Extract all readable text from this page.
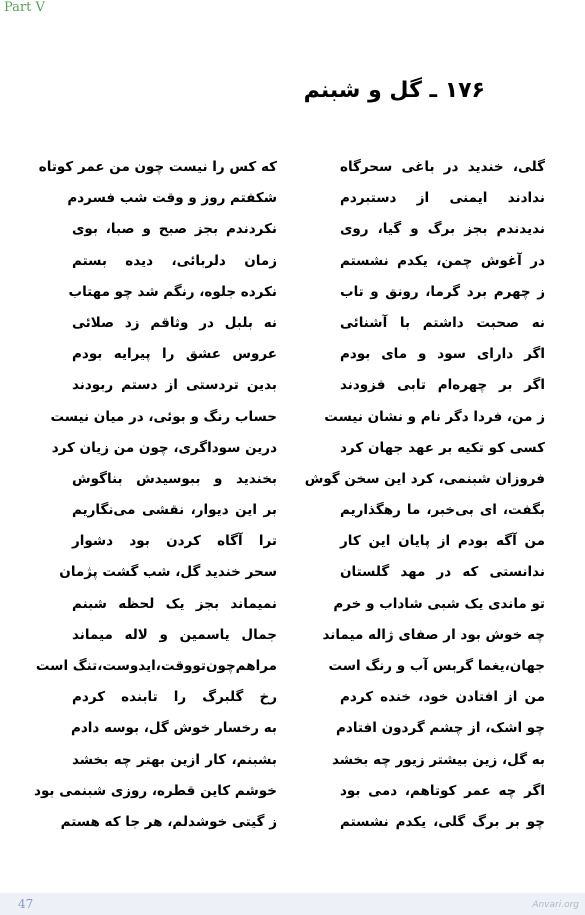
Part V
۱۷۶ ـ گل و شبنم
گلی، خندید در باغی سحرگاه
ندادند ایمنی از دستبردم
ندیدندم بجز برگ و گیا، روی
در آغوش چمن، یکدم نشستم
ز چهرم برد گرما، رونق و تاب
نه صحبت داشتم با آشنائی
اگر دارای سود و مای بودم
اگر بر چهره‌ام تابی فزودند
ز من، فردا دگر نام و نشان نیست
کسی کو تکیه بر عهد جهان کرد
فروزان شبنمی، کرد این سخن گوش
بگفت، ای بی‌خبر، ما رهگذاریم
من آگه بودم از پایان این کار
ندانستی که در مهد گلستان
تو ماندی یک شبی شاداب و خرم
چه خوش بود ار صفای ژاله میماند
جهان،یغما گربس آب و رنگ است
من از افتادن خود، خنده کردم
چو اشک، از چشم گردون افتادم
به گل، زین بیشتر زیور چه بخشد
اگر چه عمر کوتاهم، دمی بود
چو بر برگ گلی، یکدم نشستم
که کس را نیست چون من عمر کوتاه
شکفتم روز و وقت شب فسردم
نکردندم بجز صبح و صبا، بوی
زمان دلربائی، دیده بستم
نکرده جلوه، رنگم شد چو مهتاب
نه بلبل در وثاقم زد صلائی
عروس عشق را پیرایه بودم
بدین تردستی از دستم ربودند
حساب رنگ و بوئی، در میان نیست
درین سوداگری، چون من زیان کرد
بخندید و ببوسیدش بناگوش
بر این دیوار، نقشی می‌نگاریم
ترا آگاه کردن بود دشوار
سحر خندید گل، شب گشت پژمان
نمیماند بجز یک لحظه شبنم
جمال یاسمین و لاله میماند
مراهم‌چون‌تووقت،ایدوست،تنگ است
رخ گلبرگ را تابنده کردم
به رخسار خوش گل، بوسه دادم
بشبنم، کار ازین بهتر چه بخشد
خوشم کاین قطره، روزی شبنمی بود
ز گیتی خوشدلم، هر جا که هستم
47	Anvari.org
